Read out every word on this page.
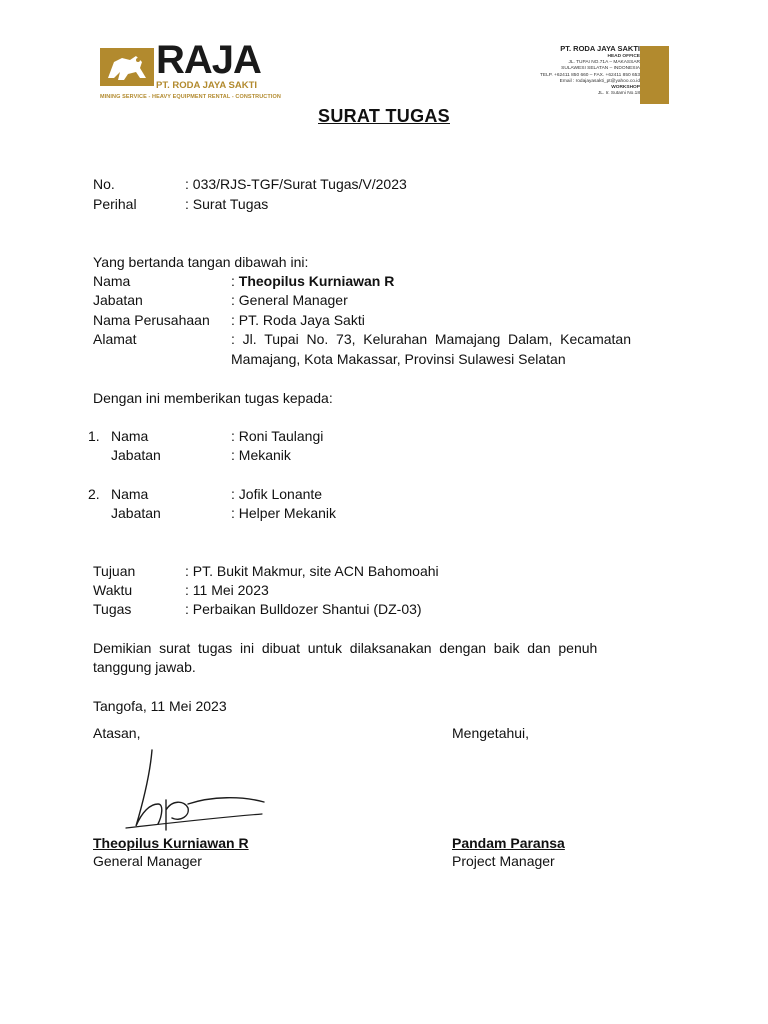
RAJA
PT. RODA JAYA SAKTI
MINING SERVICE - HEAVY EQUIPMENT RENTAL - CONSTRUCTION
PT. RODA JAYA SAKTI
HEAD OFFICE
JL. TUPAI NO.71A – MAKASSAR
SULAWESI SELATAN – INDONESIA
TELP. +62411 850 660 – FAX. +62411 850 653
Email : rodajayasakti_pt@yahoo.co.id
WORKSHOP
JL. Ir. Sutami No.18
SURAT TUGAS
No.	: 033/RJS-TGF/Surat Tugas/V/2023
Perihal	: Surat Tugas
Yang bertanda tangan dibawah ini:
Nama	: Theopilus Kurniawan R
Jabatan	: General Manager
Nama Perusahaan : PT. Roda Jaya Sakti
Alamat	:  Jl.  Tupai  No.  73,  Kelurahan  Mamajang  Dalam,  Kecamatan
Mamajang, Kota Makassar, Provinsi Sulawesi Selatan
Dengan ini memberikan tugas kepada:
1. Nama	: Roni Taulangi
Jabatan	: Mekanik
2. Nama	: Jofik Lonante
Jabatan	: Helper Mekanik
Tujuan	: PT. Bukit Makmur, site ACN Bahomoahi
Waktu	: 11 Mei 2023
Tugas	: Perbaikan Bulldozer Shantui (DZ-03)
Demikian  surat  tugas  ini  dibuat  untuk  dilaksanakan  dengan  baik  dan  penuh
tanggung jawab.
Tangofa, 11 Mei 2023
Atasan,	Mengetahui,
Theopilus Kurniawan R
General Manager
Pandam Paransa
Project Manager
